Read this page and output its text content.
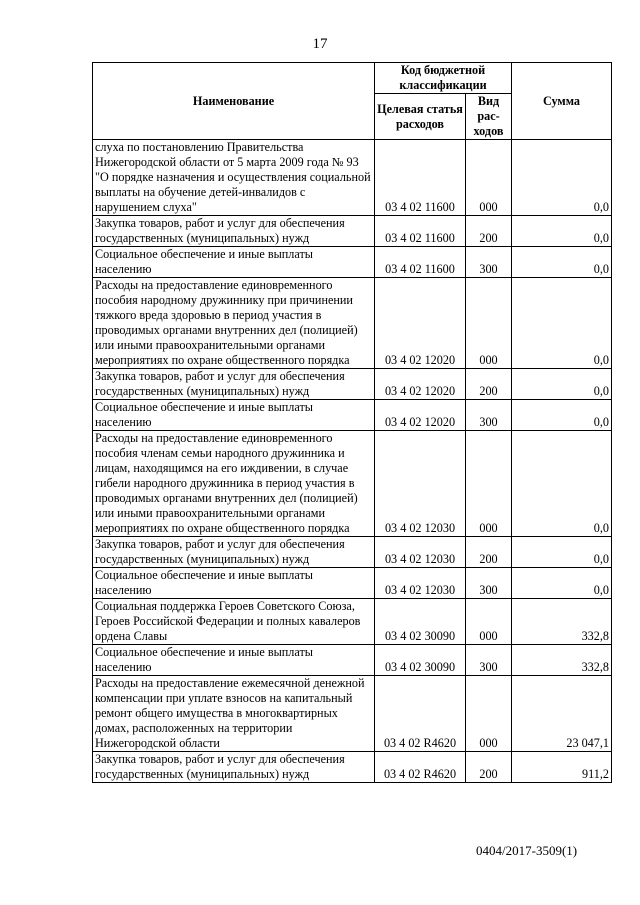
17
Наименование	Код бюджетной классификации		Сумма
	Целевая статья расходов	Вид рас-ходов	
слуха по постановлению Правительства Нижегородской области от 5 марта 2009 года № 93 "О порядке назначения и осуществления социальной выплаты на обучение детей-инвалидов с нарушением слуха"	03 4 02 11600	000	0,0
Закупка товаров, работ и услуг для обеспечения государственных (муниципальных) нужд	03 4 02 11600	200	0,0
Социальное обеспечение и иные выплаты населению	03 4 02 11600	300	0,0
Расходы на предоставление единовременного пособия народному дружиннику при причинении тяжкого вреда здоровью в период участия в проводимых органами внутренних дел (полицией) или иными правоохранительными органами мероприятиях по охране общественного порядка	03 4 02 12020	000	0,0
Закупка товаров, работ и услуг для обеспечения государственных (муниципальных) нужд	03 4 02 12020	200	0,0
Социальное обеспечение и иные выплаты населению	03 4 02 12020	300	0,0
Расходы на предоставление единовременного пособия членам семьи народного дружинника и лицам, находящимся на его иждивении, в случае гибели народного дружинника в период участия в проводимых органами внутренних дел (полицией) или иными правоохранительными органами мероприятиях по охране общественного порядка	03 4 02 12030	000	0,0
Закупка товаров, работ и услуг для обеспечения государственных (муниципальных) нужд	03 4 02 12030	200	0,0
Социальное обеспечение и иные выплаты населению	03 4 02 12030	300	0,0
Социальная поддержка Героев Советского Союза, Героев Российской Федерации и полных кавалеров ордена Славы	03 4 02 30090	000	332,8
Социальное обеспечение и иные выплаты населению	03 4 02 30090	300	332,8
Расходы на предоставление ежемесячной денежной компенсации при уплате взносов на капитальный ремонт общего имущества в многоквартирных домах, расположенных на территории Нижегородской области	03 4 02 R4620	000	23 047,1
Закупка товаров, работ и услуг для обеспечения государственных (муниципальных) нужд	03 4 02 R4620	200	911,2
0404/2017-3509(1)
